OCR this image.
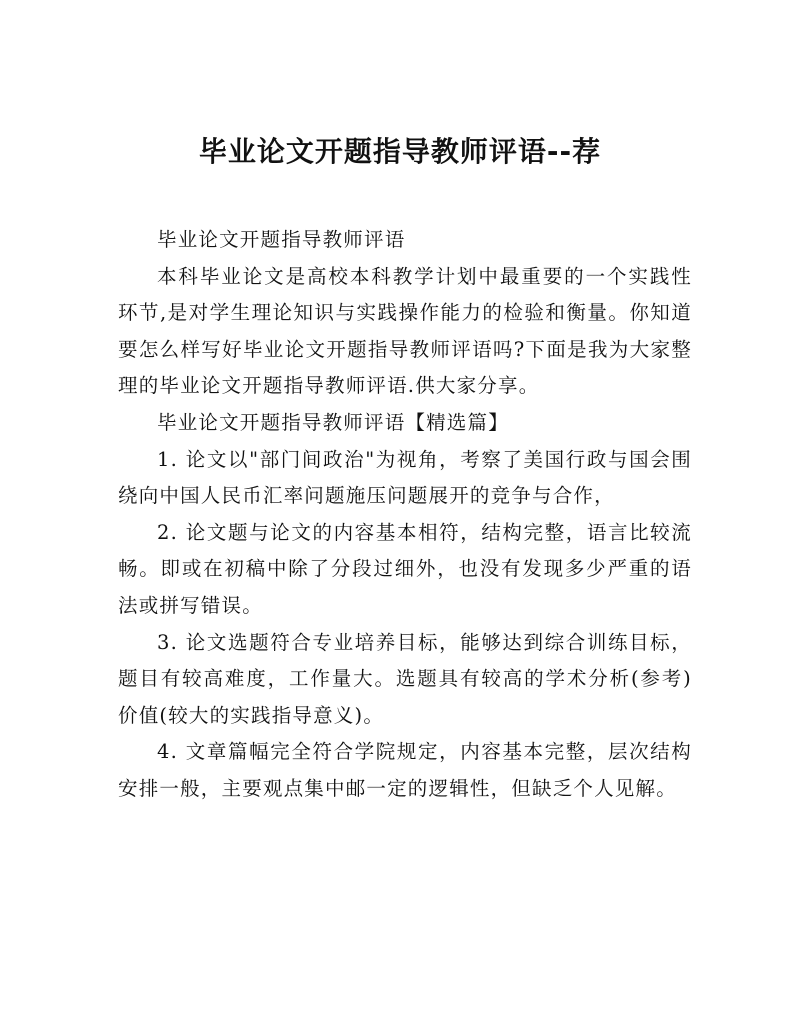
毕业论文开题指导教师评语--荐

毕业论文开题指导教师评语

本科毕业论文是高校本科教学计划中最重要的一个实践性环节,是对学生理论知识与实践操作能力的检验和衡量。你知道要怎么样写好毕业论文开题指导教师评语吗?下面是我为大家整理的毕业论文开题指导教师评语.供大家分享。

毕业论文开题指导教师评语【精选篇】

1. 论文以"部门间政治"为视角，考察了美国行政与国会围绕向中国人民币汇率问题施压问题展开的竞争与合作，

2. 论文题与论文的内容基本相符，结构完整，语言比较流畅。即或在初稿中除了分段过细外，也没有发现多少严重的语法或拼写错误。

3. 论文选题符合专业培养目标，能够达到综合训练目标，题目有较高难度，工作量大。选题具有较高的学术分析(参考)价值(较大的实践指导意义)。

4. 文章篇幅完全符合学院规定，内容基本完整，层次结构安排一般，主要观点集中邮一定的逻辑性，但缺乏个人见解。
